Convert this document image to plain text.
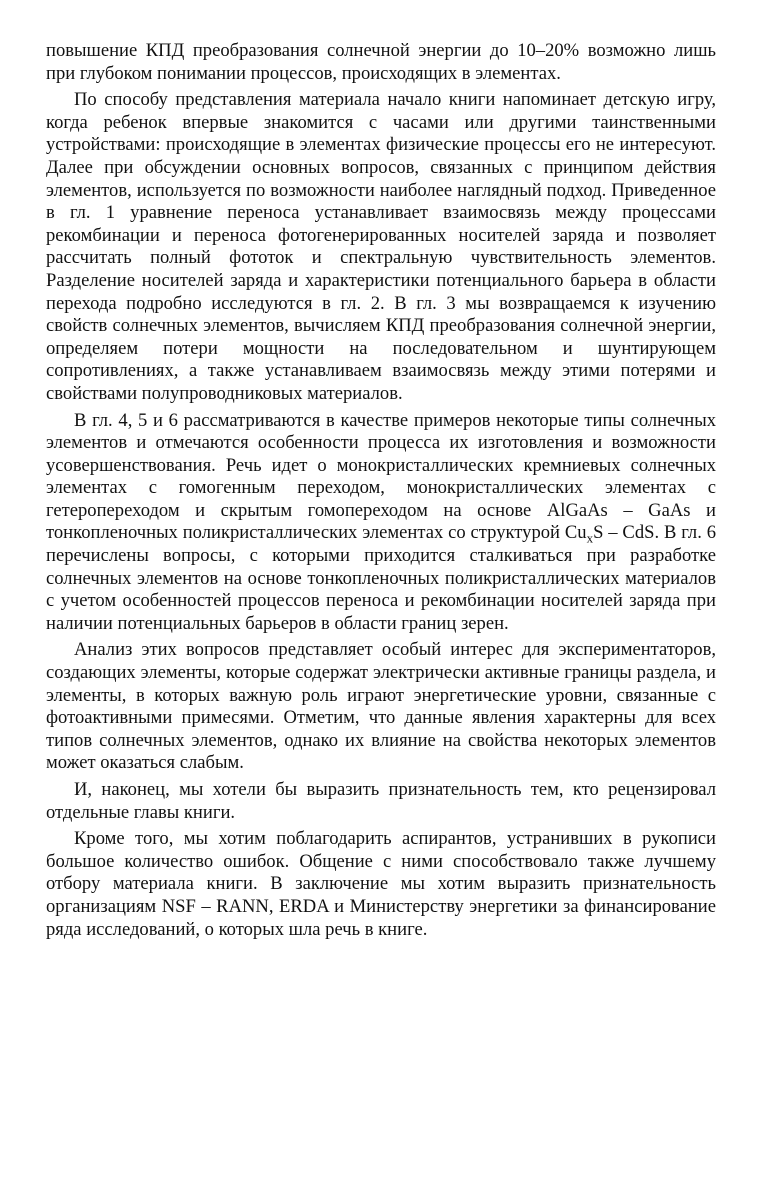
повышение КПД преобразования солнечной энергии до 10–20% возможно лишь при глубоком понимании процессов, происходящих в элементах.

По способу представления материала начало книги напоминает детскую игру, когда ребенок впервые знакомится с часами или другими таинственными устройствами: происходящие в элементах физические процессы его не интересуют. Далее при обсуждении основных вопросов, связанных с принципом действия элементов, используется по возможности наиболее наглядный подход. Приведенное в гл. 1 уравнение переноса устанавливает взаимосвязь между процессами рекомбинации и переноса фотогенерированных носителей заряда и позволяет рассчитать полный фототок и спектральную чувствительность элементов. Разделение носителей заряда и характеристики потенциального барьера в области перехода подробно исследуются в гл. 2. В гл. 3 мы возвращаемся к изучению свойств солнечных элементов, вычисляем КПД преобразования солнечной энергии, определяем потери мощности на последовательном и шунтирующем сопротивлениях, а также устанавливаем взаимосвязь между этими потерями и свойствами полупроводниковых материалов.

В гл. 4, 5 и 6 рассматриваются в качестве примеров некоторые типы солнечных элементов и отмечаются особенности процесса их изготовления и возможности усовершенствования. Речь идет о монокристаллических кремниевых солнечных элементах с гомогенным переходом, монокристаллических элементах с гетеропереходом и скрытым гомопереходом на основе AlGaAs – GaAs и тонкопленочных поликристаллических элементах со структурой $Cu_xS$ – CdS. В гл. 6 перечислены вопросы, с которыми приходится сталкиваться при разработке солнечных элементов на основе тонкопленочных поликристаллических материалов с учетом особенностей процессов переноса и рекомбинации носителей заряда при наличии потенциальных барьеров в области границ зерен.

Анализ этих вопросов представляет особый интерес для экспериментаторов, создающих элементы, которые содержат электрически активные границы раздела, и элементы, в которых важную роль играют энергетические уровни, связанные с фотоактивными примесями. Отметим, что данные явления характерны для всех типов солнечных элементов, однако их влияние на свойства некоторых элементов может оказаться слабым.

И, наконец, мы хотели бы выразить признательность тем, кто рецензировал отдельные главы книги.

Кроме того, мы хотим поблагодарить аспирантов, устранивших в рукописи большое количество ошибок. Общение с ними способствовало также лучшему отбору материала книги. В заключение мы хотим выразить признательность организациям NSF – RANN, ERDA и Министерству энергетики за финансирование ряда исследований, о которых шла речь в книге.
